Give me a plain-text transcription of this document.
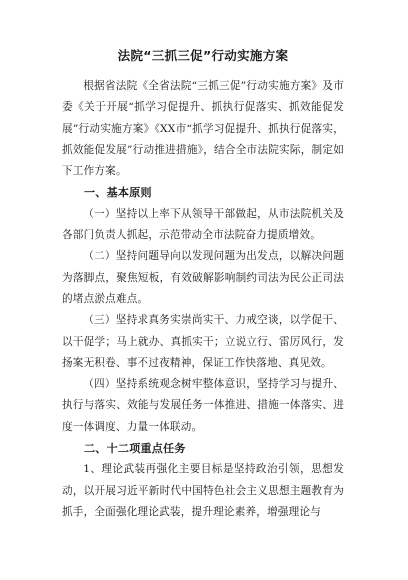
法院“三抓三促”行动实施方案

根据省法院《全省法院“三抓三促”行动实施方案》及市委《关于开展“抓学习促提升、抓执行促落实、抓效能促发展”行动实施方案》《XX市“抓学习促提升、抓执行促落实，抓效能促发展”行动推进措施》，结合全市法院实际，制定如下工作方案。

一、基本原则

（一）坚持以上率下从领导干部做起，从市法院机关及各部门负责人抓起，示范带动全市法院奋力提质增效。

（二）坚持问题导向以发现问题为出发点，以解决问题为落脚点，聚焦短板，有效破解影响制约司法为民公正司法的堵点淤点难点。

（三）坚持求真务实崇尚实干、力戒空谈，以学促干、以干促学；马上就办、真抓实干；立说立行、雷厉风行，发扬案无积卷、事不过夜精神，保证工作快落地、真见效。

（四）坚持系统观念树牢整体意识，坚持学习与提升、执行与落实、效能与发展任务一体推进、措施一体落实、进度一体调度、力量一体联动。

二、十二项重点任务

1、理论武装再强化主要目标是坚持政治引领，思想发动，以开展习近平新时代中国特色社会主义思想主题教育为抓手，全面强化理论武装，提升理论素养，增强理论与
